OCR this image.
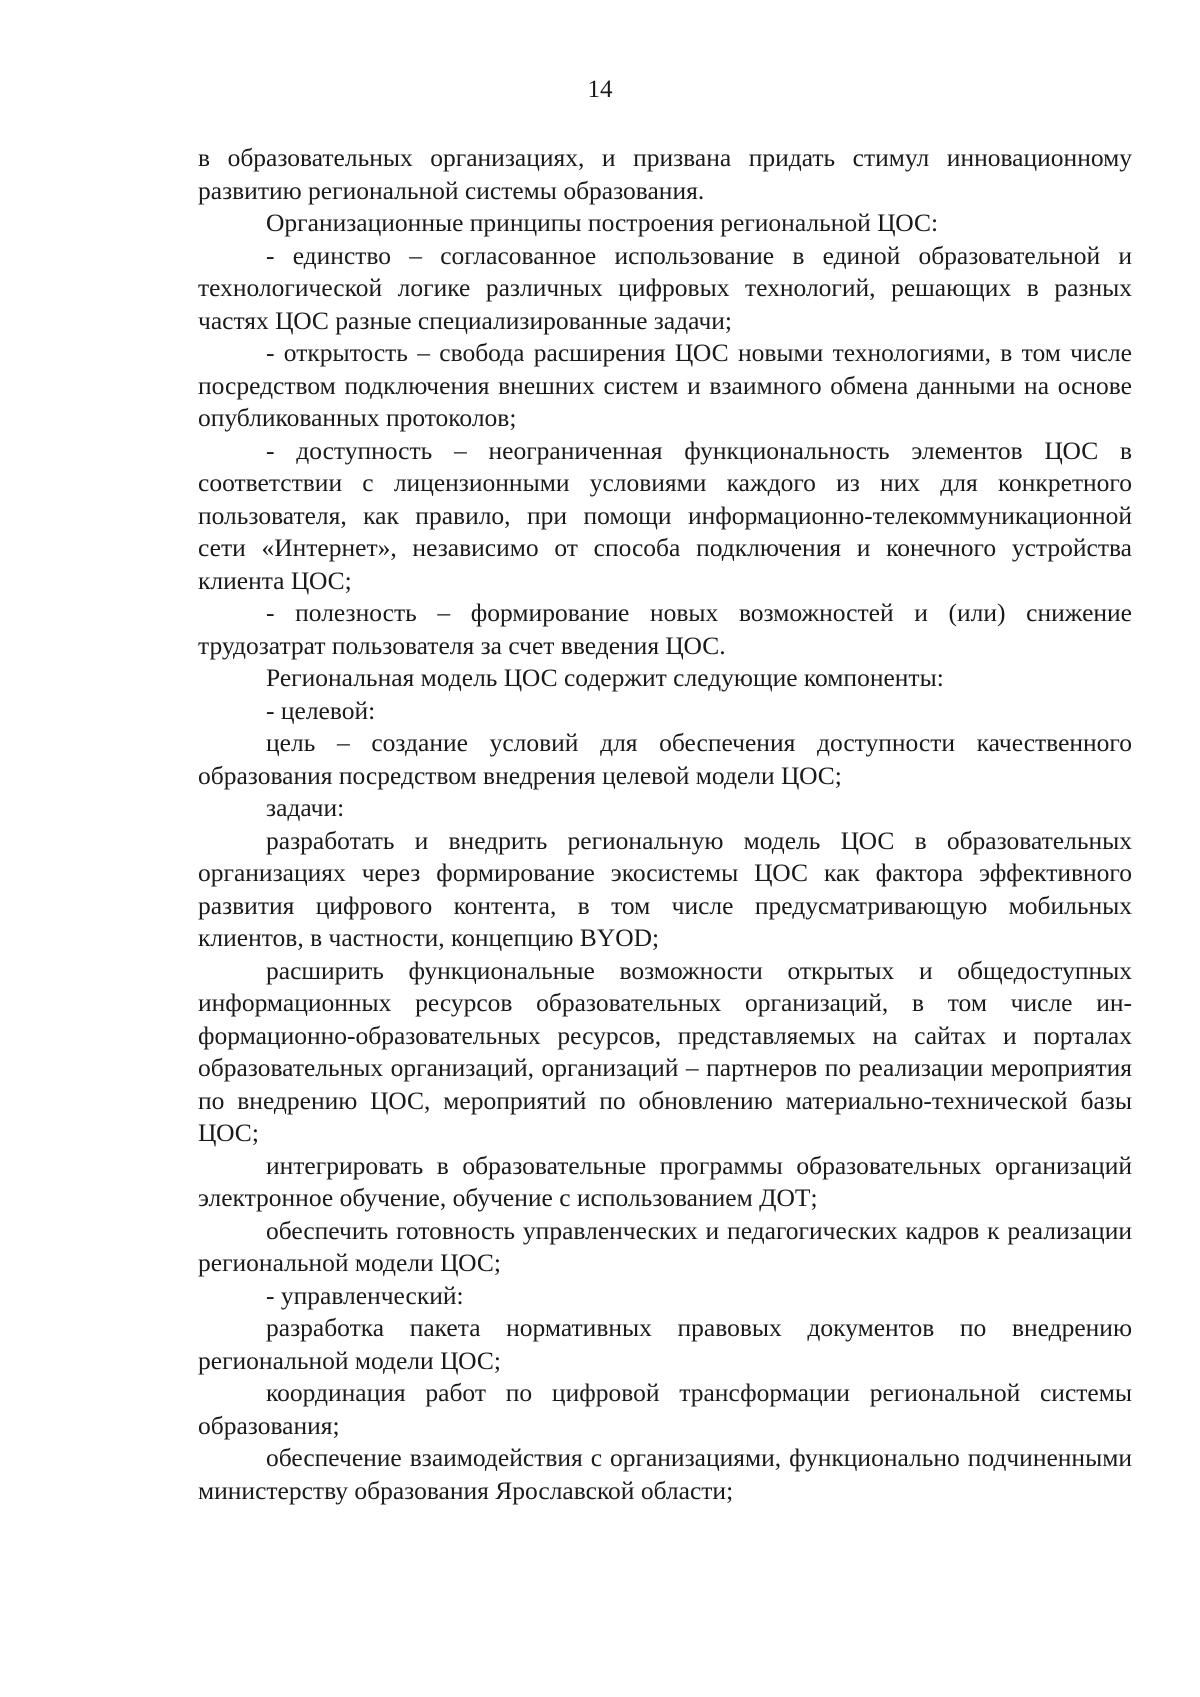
14

в образовательных организациях, и призвана придать стимул инновационному развитию региональной системы образования.

Организационные принципы построения региональной ЦОС:

- единство – согласованное использование в единой образовательной и технологической логике различных цифровых технологий, решающих в разных частях ЦОС разные специализированные задачи;

- открытость – свобода расширения ЦОС новыми технологиями, в том числе посредством подключения внешних систем и взаимного обмена данными на основе опубликованных протоколов;

- доступность – неограниченная функциональность элементов ЦОС в соответствии с лицензионными условиями каждого из них для конкретного пользователя, как правило, при помощи информационно-телекоммуникационной сети «Интернет», независимо от способа подключения и конечного устройства клиента ЦОС;

- полезность – формирование новых возможностей и (или) снижение трудозатрат пользователя за счет введения ЦОС.

Региональная модель ЦОС содержит следующие компоненты:

- целевой:

цель – создание условий для обеспечения доступности качественного образования посредством внедрения целевой модели ЦОС;

задачи:

разработать и внедрить региональную модель ЦОС в образовательных организациях через формирование экосистемы ЦОС как фактора эффективного развития цифрового контента, в том числе предусматривающую мобильных клиентов, в частности, концепцию BYOD;

расширить функциональные возможности открытых и общедоступных информационных ресурсов образовательных организаций, в том числе информационно-образовательных ресурсов, представляемых на сайтах и порталах образовательных организаций, организаций – партнеров по реализации мероприятия по внедрению ЦОС, мероприятий по обновлению материально-технической базы ЦОС;

интегрировать в образовательные программы образовательных организаций электронное обучение, обучение с использованием ДОТ;

обеспечить готовность управленческих и педагогических кадров к реализации региональной модели ЦОС;

- управленческий:

разработка пакета нормативных правовых документов по внедрению региональной модели ЦОС;

координация работ по цифровой трансформации региональной системы образования;

обеспечение взаимодействия с организациями, функционально подчиненными министерству образования Ярославской области;
